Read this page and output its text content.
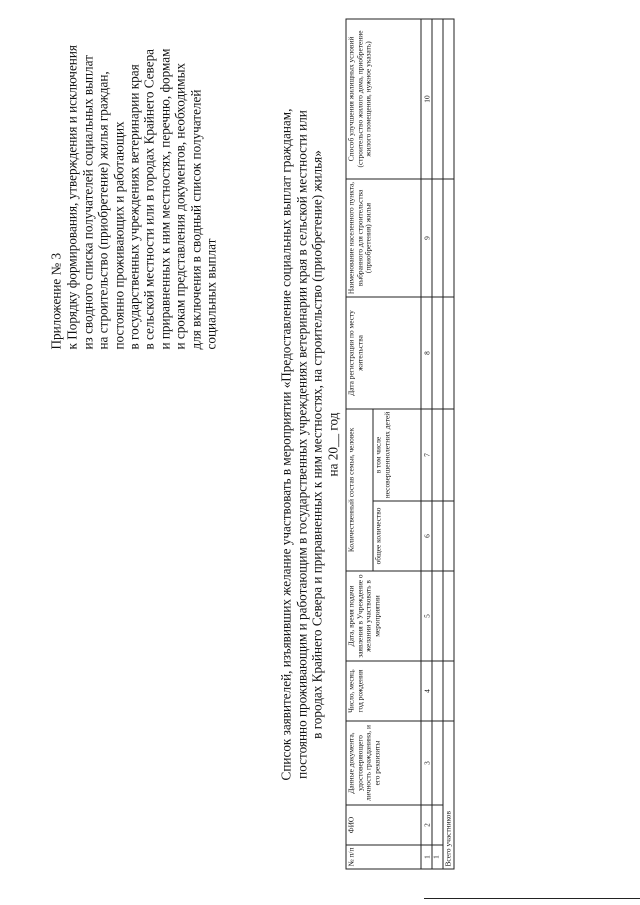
Приложение № 3 к Порядку формирования, утверждения и исключения из сводного списка получателей социальных выплат на строительство (приобретение) жилья граждан, постоянно проживающих и работающих в государственных учреждениях ветеринарии края в сельской местности или в городах Крайнего Севера и приравненных к ним местностях, перечню, формам и срокам представления документов, необходимых для включения в сводный список получателей социальных выплат	Список заявителей, изъявивших желание участвовать в мероприятии «Предоставление социальных выплат гражданам, постоянно проживающим и работающим в государственных учреждениях ветеринарии края в сельской местности или в городах Крайнего Севера и приравненных к ним местностях, на строительство (приобретение) жилья» на 20__ год
№ п/п	ФИО	Данные документа, удостоверяющего личность гражданина, и его реквизиты	Число, месяц, год рождения	Дата, время подачи заявления в Учреждение о желании участвовать в мероприятии	Количественный состав семьи, человек		Дата регистрации по месту жительства	Наименование населенного пункта, выбранного для строительства (приобретения) жилья	Способ улучшения жилищных условий (строительство жилого дома, приобретение жилого помещения, нужное указать)
					общее количество	в том числе несовершеннолетних детей			
1	2	3	4	5	6	7	8	9	10
1									
Всего участников									
